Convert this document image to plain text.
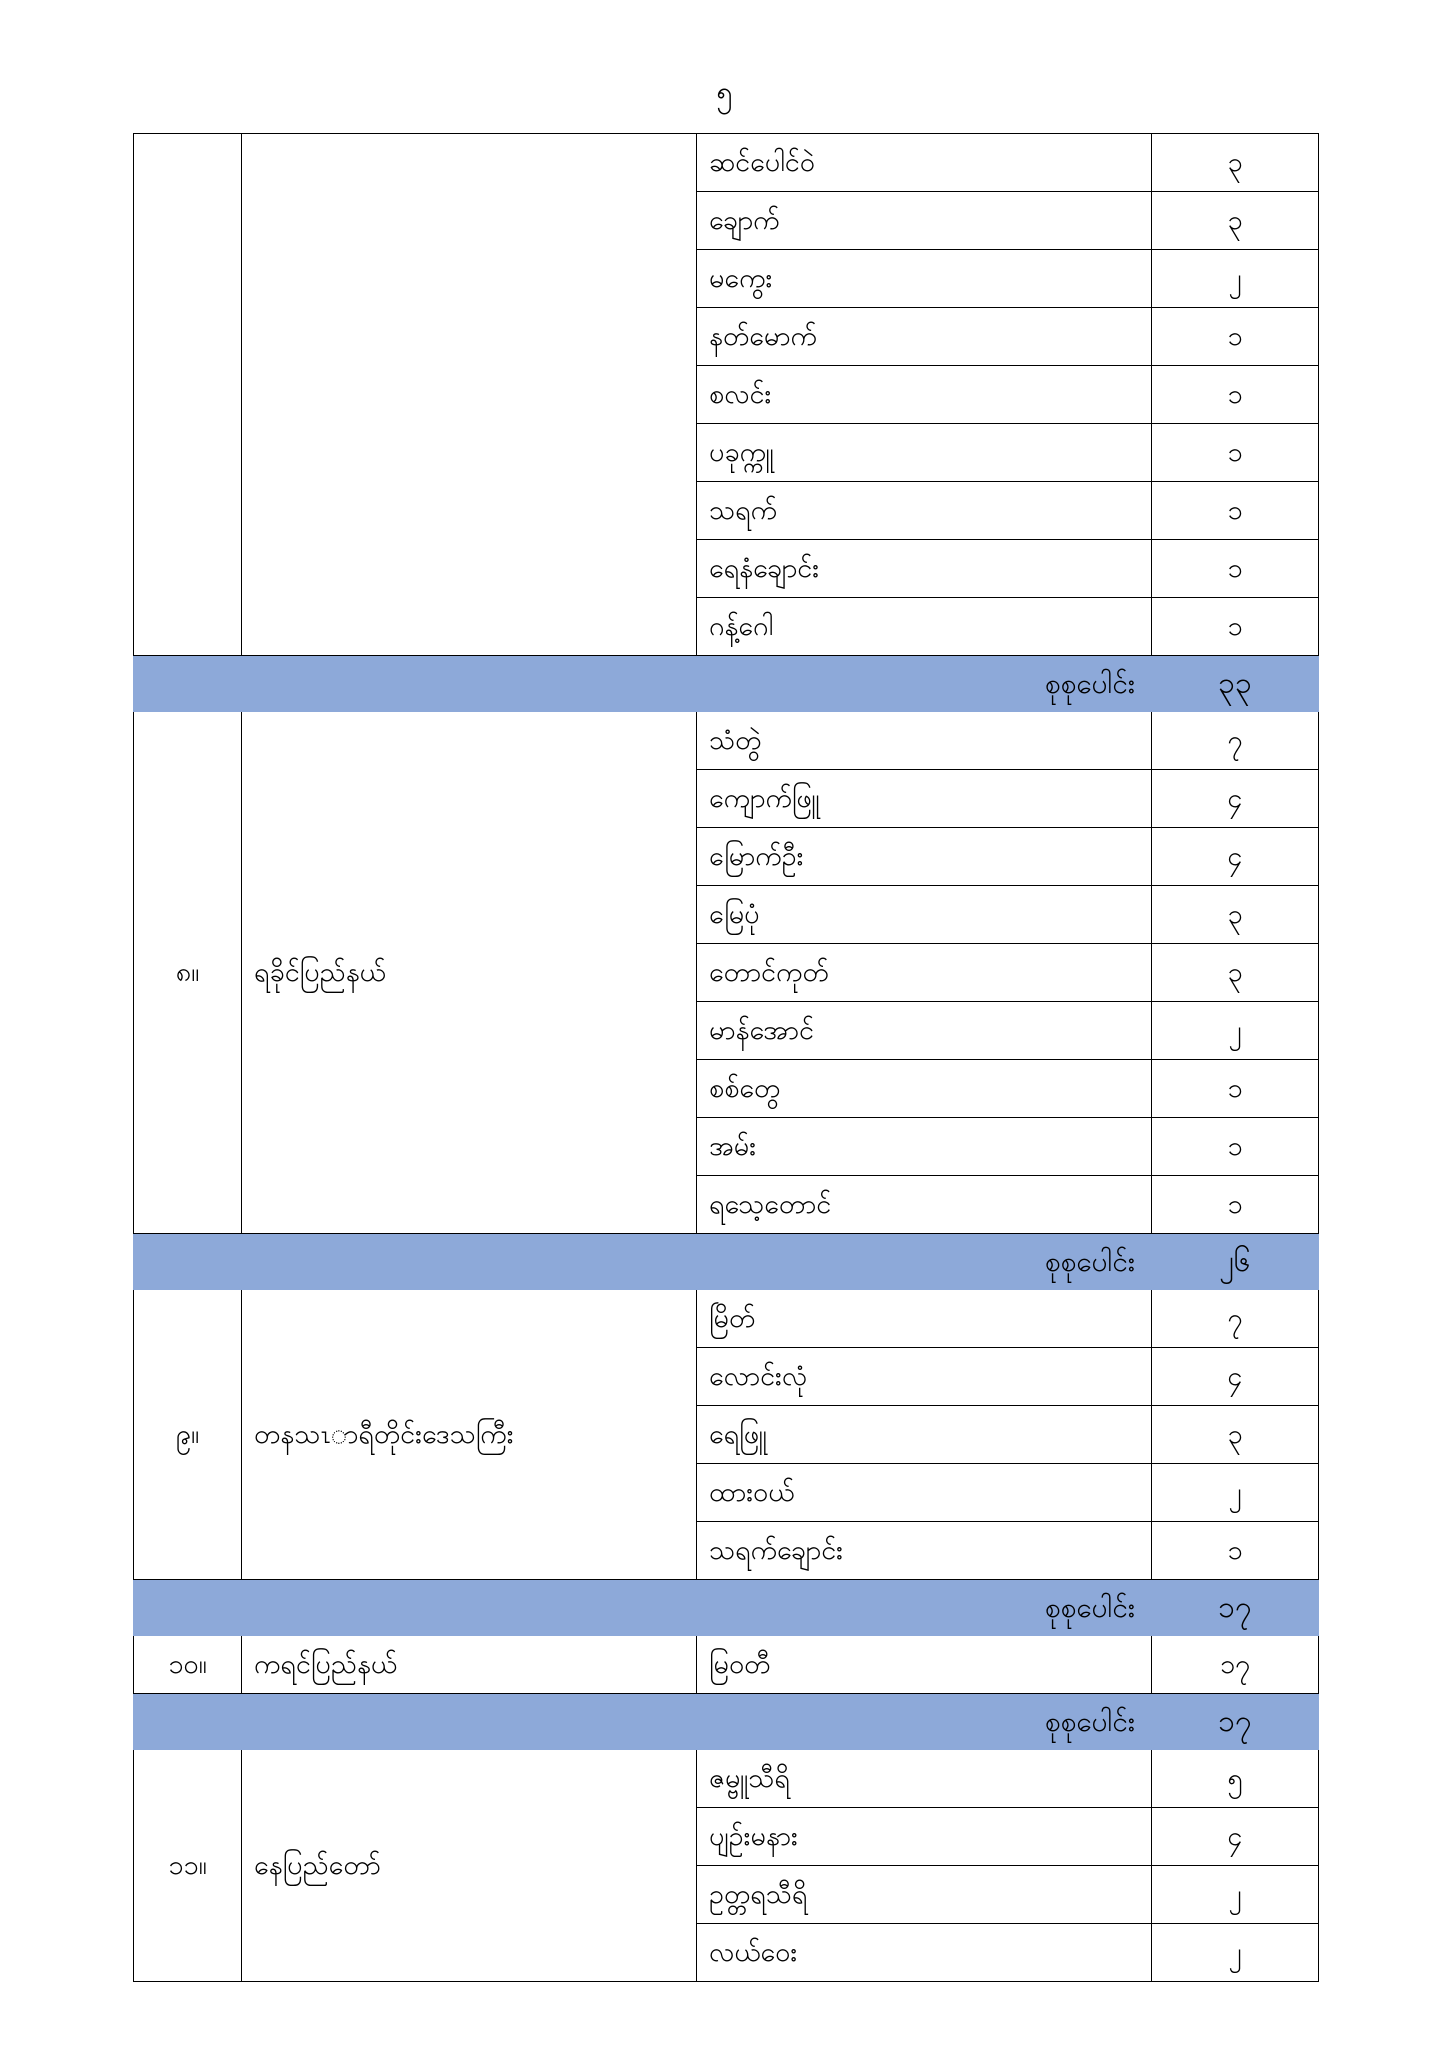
၅
		ဆင်ပေါင်ဝဲ	၃
		ချောက်	၃
		မကွေး	၂
		နတ်မောက်	၁
		စလင်း	၁
		ပခုက္ကူ	၁
		သရက်	၁
		ရေနံချောင်း	၁
		ဂန့်ဂေါ	၁
		စုစုပေါင်း	၃၃
၈။	ရခိုင်ပြည်နယ်	သံတွဲ	၇
		ကျောက်ဖြူ	၄
		မြောက်ဦး	၄
		မြေပုံ	၃
		တောင်ကုတ်	၃
		မာန်အောင်	၂
		စစ်တွေ	၁
		အမ်း	၁
		ရသေ့တောင်	၁
		စုစုပေါင်း	၂၆
၉။	တနသၤာရီတိုင်းဒေသကြီး	မြိတ်	၇
		လောင်းလုံ	၄
		ရေဖြူ	၃
		ထားဝယ်	၂
		သရက်ချောင်း	၁
		စုစုပေါင်း	၁၇
၁၀။	ကရင်ပြည်နယ်	မြဝတီ	၁၇
		စုစုပေါင်း	၁၇
၁၁။	နေပြည်တော်	ဇမ္ဗူသီရိ	၅
		ပျဉ်းမနား	၄
		ဥတ္တရသီရိ	၂
		လယ်ဝေး	၂
